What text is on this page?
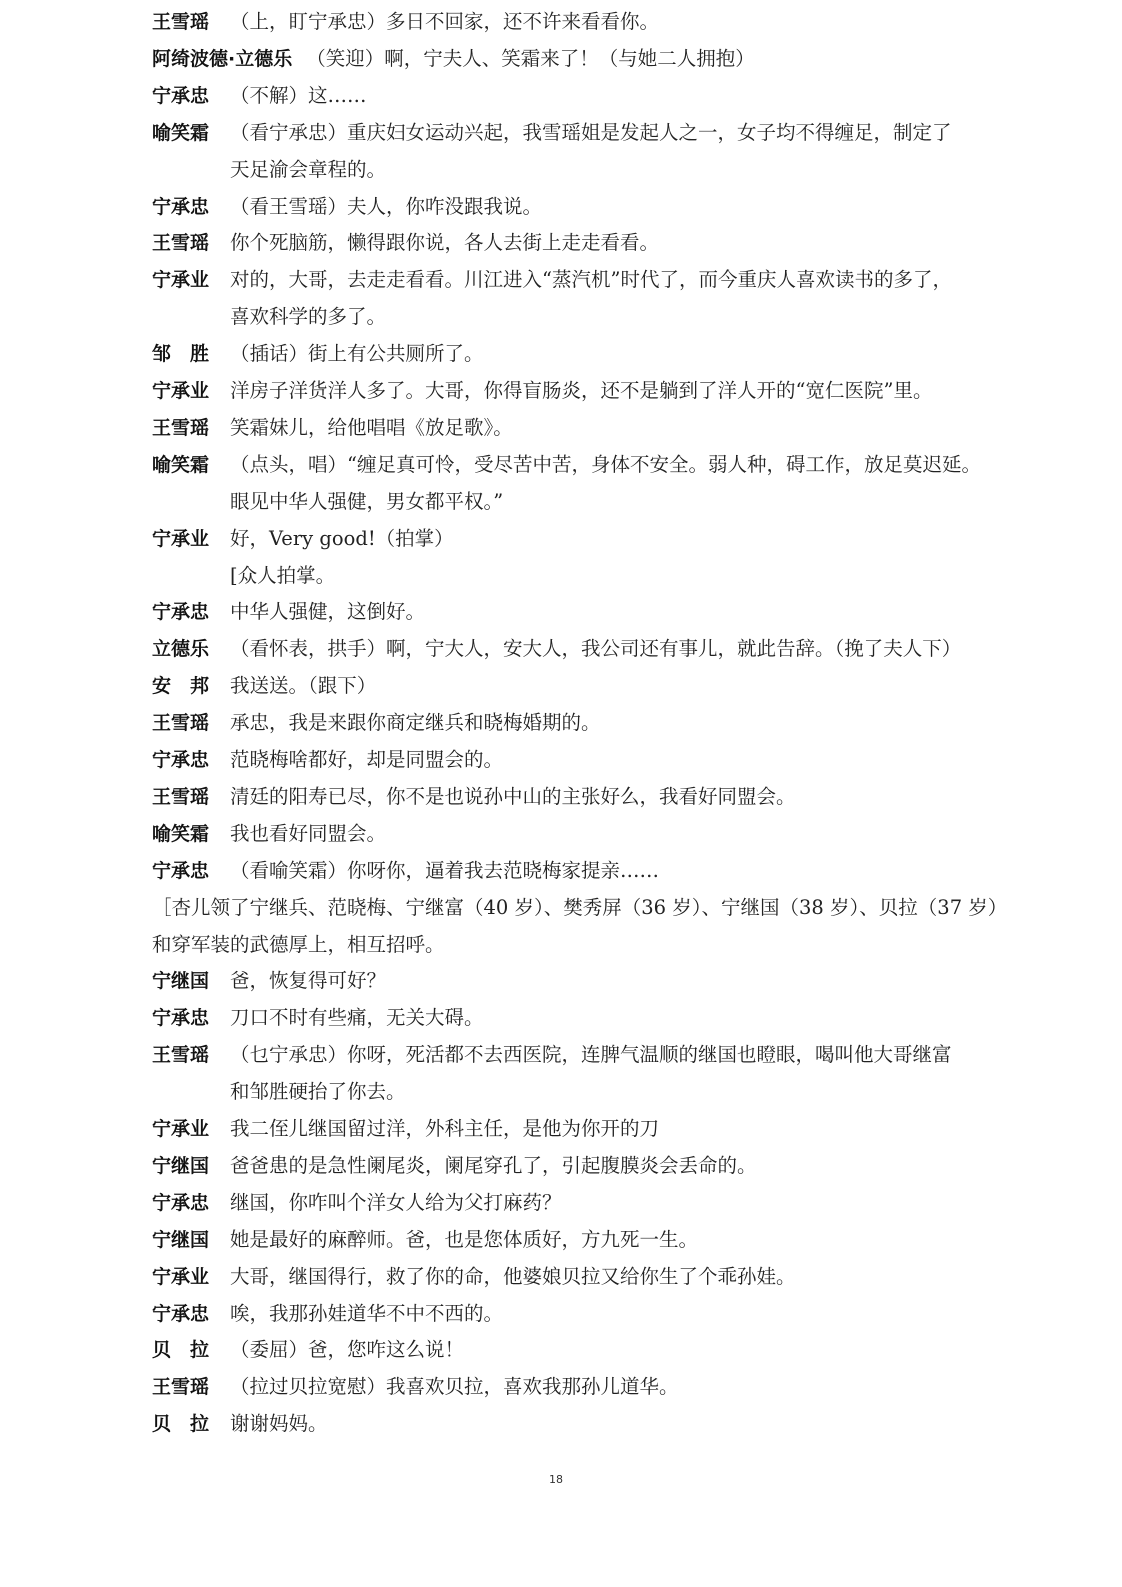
王雪瑶	（上，盯宁承忠）多日不回家，还不许来看看你。
阿绮波德·立德乐 （笑迎）啊，宁夫人、笑霜来了！（与她二人拥抱）
宁承忠	（不解）这……
喻笑霜	（看宁承忠）重庆妇女运动兴起，我雪瑶姐是发起人之一，女子均不得缠足，制定了
天足渝会章程的。
宁承忠	（看王雪瑶）夫人，你咋没跟我说。
王雪瑶	你个死脑筋，懒得跟你说，各人去街上走走看看。
宁承业	对的，大哥，去走走看看。川江进入“蒸汽机”时代了，而今重庆人喜欢读书的多了，
喜欢科学的多了。
邹　胜	（插话）街上有公共厕所了。
宁承业	洋房子洋货洋人多了。大哥，你得盲肠炎，还不是躺到了洋人开的“宽仁医院”里。
王雪瑶	笑霜妹儿，给他唱唱《放足歌》。
喻笑霜	（点头，唱）“缠足真可怜，受尽苦中苦，身体不安全。弱人种，碍工作，放足莫迟延。
眼见中华人强健，男女都平权。”
宁承业	好，Very good!（拍掌）
[众人拍掌。
宁承忠	中华人强健，这倒好。
立德乐	（看怀表，拱手）啊，宁大人，安大人，我公司还有事儿，就此告辞。（挽了夫人下）
安　邦	我送送。（跟下）
王雪瑶	承忠，我是来跟你商定继兵和晓梅婚期的。
宁承忠	范晓梅啥都好，却是同盟会的。
王雪瑶	清廷的阳寿已尽，你不是也说孙中山的主张好么，我看好同盟会。
喻笑霜	我也看好同盟会。
宁承忠	（看喻笑霜）你呀你，逼着我去范晓梅家提亲……
［杏儿领了宁继兵、范晓梅、宁继富（40 岁）、樊秀屏（36 岁）、宁继国（38 岁）、贝拉（37 岁）
和穿军装的武德厚上，相互招呼。
宁继国	爸，恢复得可好？
宁承忠	刀口不时有些痛，无关大碍。
王雪瑶	（乜宁承忠）你呀，死活都不去西医院，连脾气温顺的继国也瞪眼，喝叫他大哥继富
和邹胜硬抬了你去。
宁承业	我二侄儿继国留过洋，外科主任，是他为你开的刀
宁继国	爸爸患的是急性阑尾炎，阑尾穿孔了，引起腹膜炎会丢命的。
宁承忠	继国，你咋叫个洋女人给为父打麻药？
宁继国	她是最好的麻醉师。爸，也是您体质好，方九死一生。
宁承业	大哥，继国得行，救了你的命，他婆娘贝拉又给你生了个乖孙娃。
宁承忠	唉，我那孙娃道华不中不西的。
贝　拉	（委屈）爸，您咋这么说！
王雪瑶	（拉过贝拉宽慰）我喜欢贝拉，喜欢我那孙儿道华。
贝　拉	谢谢妈妈。
18
